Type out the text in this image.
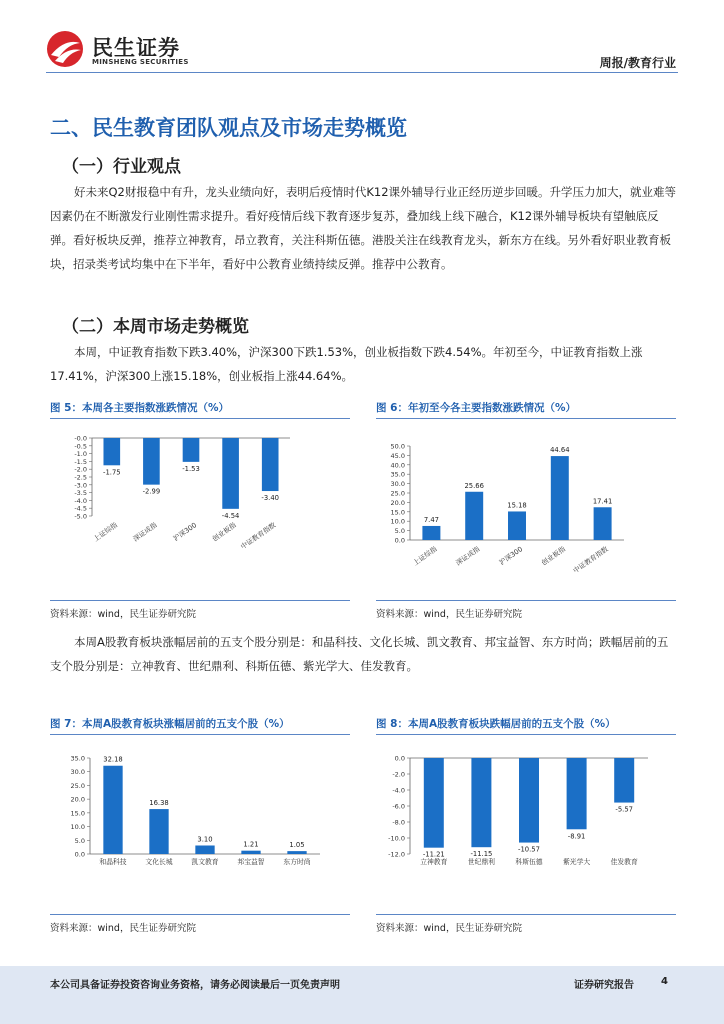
民生证券
MINSHENG SECURITIES	周报/教育行业
二、民生教育团队观点及市场走势概览
（一）行业观点
好未来Q2财报稳中有升，龙头业绩向好，表明后疫情时代K12课外辅导行业正经历逆步回暖。升学压力加大，就业难等因素仍在不断激发行业刚性需求提升。看好疫情后线下教育逐步复苏，叠加线上线下融合，K12课外辅导板块有望触底反弹。看好板块反弹，推荐立神教育，昂立教育，关注科斯伍德。港股关注在线教育龙头，新东方在线。另外看好职业教育板块，招录类考试均集中在下半年，看好中公教育业绩持续反弹。推荐中公教育。
（二）本周市场走势概览
本周，中证教育指数下跌3.40%，沪深300下跌1.53%，创业板指数下跌4.54%。年初至今，中证教育指数上涨17.41%，沪深300上涨15.18%，创业板指上涨44.64%。
图 5：本周各主要指数涨跌情况（%）	图 6：年初至今各主要指数涨跌情况（%）
-0.0
-0.5
-1.0
-1.5
-2.0
-2.5
-3.0
-3.5
-4.0
-4.5
-5.0
-1.75
上证综指
-2.99
深证成指
-1.53
沪深300
-4.54
创业板指
-3.40
中证教育指数	0.0
5.0
10.0
15.0
20.0
25.0
30.0
35.0
40.0
45.0
50.0
7.47
上证综指
25.66
深证成指
15.18
沪深300
44.64
创业板指
17.41
中证教育指数
资料来源：wind，民生证券研究院	资料来源：wind，民生证券研究院
本周A股教育板块涨幅居前的五支个股分别是：和晶科技、文化长城、凯文教育、邦宝益智、东方时尚；跌幅居前的五支个股分别是：立神教育、世纪鼎利、科斯伍德、紫光学大、佳发教育。
图 7：本周A股教育板块涨幅居前的五支个股（%）	图 8：本周A股教育板块跌幅居前的五支个股（%）
0.0
5.0
10.0
15.0
20.0
25.0
30.0
35.0	32.18
和晶科技
16.38
文化长城
3.10
凯文教育
1.21
邦宝益智
1.05
东方时尚
0.0
-2.0
-4.0
-6.0
-8.0
-10.0
-12.0	-11.21
立神教育
-11.15
世纪鼎利
-10.57
科斯伍德
-8.91
紫光学大
-5.57
佳发教育
资料来源：wind，民生证券研究院	资料来源：wind，民生证券研究院
本公司具备证券投资咨询业务资格，请务必阅读最后一页免责声明	证券研究报告	4
